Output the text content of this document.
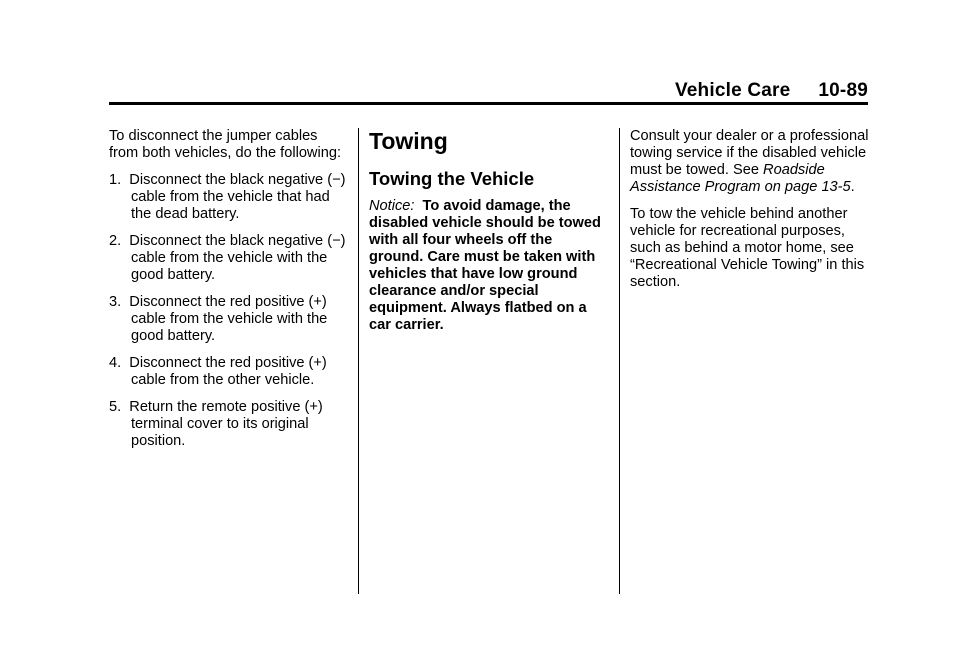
Vehicle Care 10-89

To disconnect the jumper cables from both vehicles, do the following:

1. Disconnect the black negative (−) cable from the vehicle that had the dead battery.
2. Disconnect the black negative (−) cable from the vehicle with the good battery.
3. Disconnect the red positive (+) cable from the vehicle with the good battery.
4. Disconnect the red positive (+) cable from the other vehicle.
5. Return the remote positive (+) terminal cover to its original position.
Towing
Towing the Vehicle

Notice: To avoid damage, the disabled vehicle should be towed with all four wheels off the ground. Care must be taken with vehicles that have low ground clearance and/or special equipment. Always flatbed on a car carrier.

Consult your dealer or a professional towing service if the disabled vehicle must be towed. See Roadside Assistance Program on page 13-5.

To tow the vehicle behind another vehicle for recreational purposes, such as behind a motor home, see “Recreational Vehicle Towing” in this section.
